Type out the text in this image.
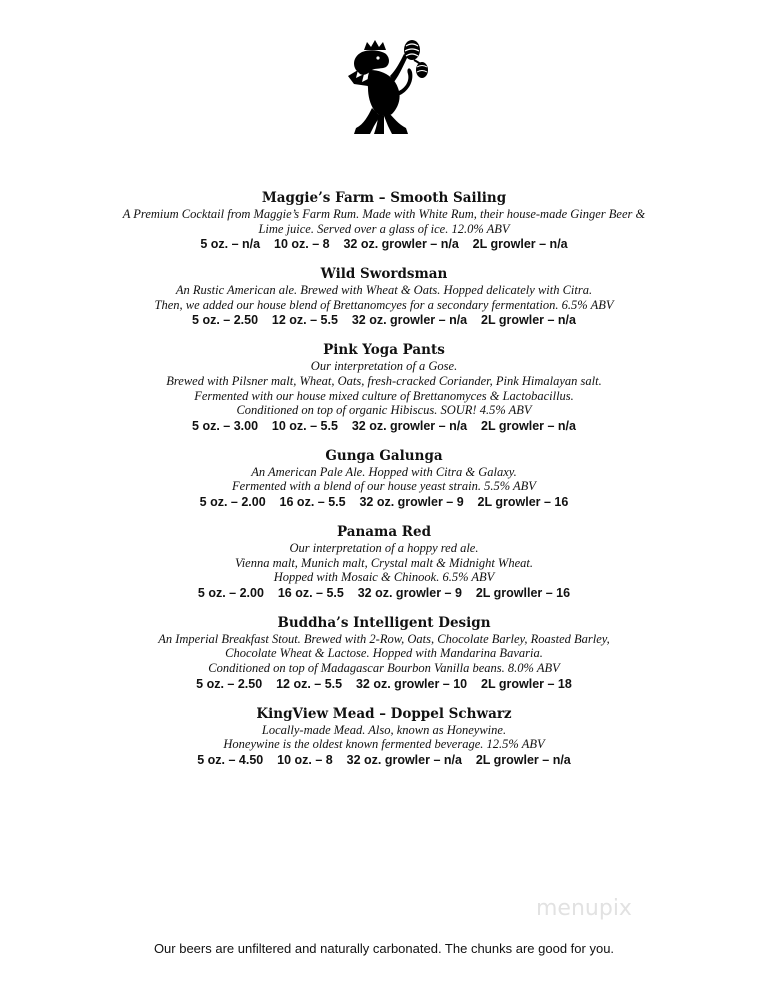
Maggie’s Farm – Smooth Sailing

A Premium Cocktail from Maggie’s Farm Rum. Made with White Rum, their house-made Ginger Beer &

Lime juice. Served over a glass of ice. 12.0% ABV

5 oz. – n/a    10 oz. – 8    32 oz. growler – n/a    2L growler – n/a

Wild Swordsman

An Rustic American ale. Brewed with Wheat & Oats. Hopped delicately with Citra.

Then, we added our house blend of Brettanomcyes for a secondary fermentation. 6.5% ABV

5 oz. – 2.50    12 oz. – 5.5    32 oz. growler – n/a    2L growler – n/a

Pink Yoga Pants

Our interpretation of a Gose.

Brewed with Pilsner malt, Wheat, Oats, fresh-cracked Coriander, Pink Himalayan salt.

Fermented with our house mixed culture of Brettanomyces & Lactobacillus.

Conditioned on top of organic Hibiscus. SOUR! 4.5% ABV

5 oz. – 3.00    10 oz. – 5.5    32 oz. growler – n/a    2L growler – n/a

Gunga Galunga

An American Pale Ale. Hopped with Citra & Galaxy.

Fermented with a blend of our house yeast strain. 5.5% ABV

5 oz. – 2.00    16 oz. – 5.5    32 oz. growler – 9    2L growler – 16

Panama Red

Our interpretation of a hoppy red ale.

Vienna malt, Munich malt, Crystal malt & Midnight Wheat.

Hopped with Mosaic & Chinook. 6.5% ABV

5 oz. – 2.00    16 oz. – 5.5    32 oz. growler – 9    2L growller – 16

Buddha’s Intelligent Design

An Imperial Breakfast Stout. Brewed with 2-Row, Oats, Chocolate Barley, Roasted Barley,

Chocolate Wheat & Lactose. Hopped with Mandarina Bavaria.

Conditioned on top of Madagascar Bourbon Vanilla beans. 8.0% ABV

5 oz. – 2.50    12 oz. – 5.5    32 oz. growler – 10    2L growler – 18

KingView Mead – Doppel Schwarz

Locally-made Mead. Also, known as Honeywine.

Honeywine is the oldest known fermented beverage. 12.5% ABV

5 oz. – 4.50    10 oz. – 8    32 oz. growler – n/a    2L growler – n/a

menupix
Our beers are unfiltered and naturally carbonated. The chunks are good for you.
